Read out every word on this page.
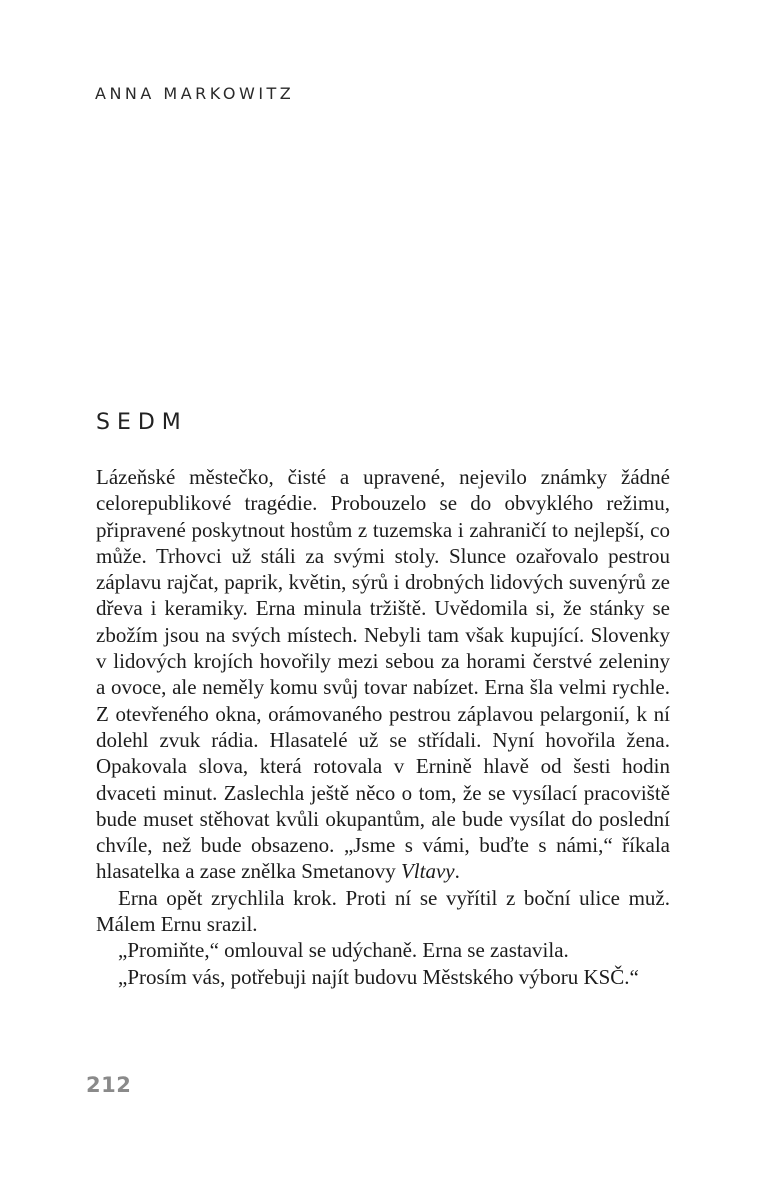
ANNA MARKOWITZ
SEDM

Lázeňské městečko, čisté a upravené, nejevilo známky žádné celorepublikové tragédie. Probouzelo se do obvyklého režimu, připravené poskytnout hostům z tuzemska i zahraničí to nejlepší, co může. Trhovci už stáli za svými stoly. Slunce ozařovalo pestrou záplavu rajčat, paprik, květin, sýrů i drobných lidových suvenýrů ze dřeva i keramiky. Erna minula tržiště. Uvědomila si, že stánky se zbožím jsou na svých místech. Nebyli tam však kupující. Slovenky v lidových krojích hovořily mezi sebou za horami čerstvé zeleniny a ovoce, ale neměly komu svůj tovar nabízet. Erna šla velmi rychle. Z otevřeného okna, orámovaného pestrou záplavou pelargonií, k ní dolehl zvuk rádia. Hlasatelé už se střídali. Nyní hovořila žena. Opakovala slova, která rotovala v Ernině hlavě od šesti hodin dvaceti minut. Zaslechla ještě něco o tom, že se vysílací pracoviště bude muset stěhovat kvůli okupantům, ale bude vysílat do poslední chvíle, než bude obsazeno. „Jsme s vámi, buďte s námi,“ říkala hlasatelka a zase znělka Smetanovy Vltavy.

Erna opět zrychlila krok. Proti ní se vyřítil z boční ulice muž. Málem Ernu srazil.

„Promiňte,“ omlouval se udýchaně. Erna se zastavila.

„Prosím vás, potřebuji najít budovu Městského výboru KSČ.“

212
